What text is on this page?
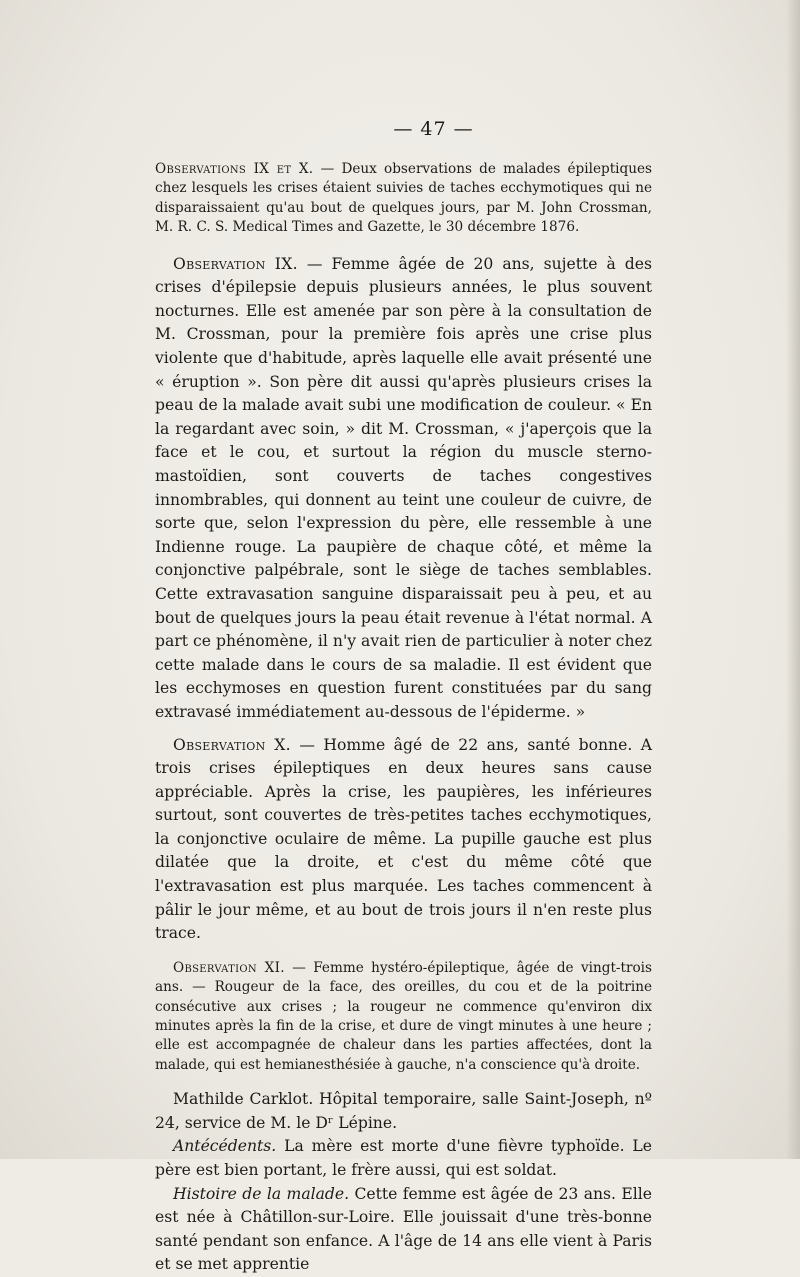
— 47 —

Observations IX et X. — Deux observations de malades épileptiques chez lesquels les crises étaient suivies de taches ecchymotiques qui ne disparaissaient qu'au bout de quelques jours, par M. John Crossman, M. R. C. S. Medical Times and Gazette, le 30 décembre 1876.

Observation IX. — Femme âgée de 20 ans, sujette à des crises d'épilepsie depuis plusieurs années, le plus souvent nocturnes. Elle est amenée par son père à la consultation de M. Crossman, pour la première fois après une crise plus violente que d'habitude, après laquelle elle avait présenté une « éruption ». Son père dit aussi qu'après plusieurs crises la peau de la malade avait subi une modification de couleur. « En la regardant avec soin, » dit M. Crossman, « j'aperçois que la face et le cou, et surtout la région du muscle sterno-mastoïdien, sont couverts de taches congestives innombrables, qui donnent au teint une couleur de cuivre, de sorte que, selon l'expression du père, elle ressemble à une Indienne rouge. La paupière de chaque côté, et même la conjonctive palpébrale, sont le siège de taches semblables. Cette extravasation sanguine disparaissait peu à peu, et au bout de quelques jours la peau était revenue à l'état normal. A part ce phénomène, il n'y avait rien de particulier à noter chez cette malade dans le cours de sa maladie. Il est évident que les ecchymoses en question furent constituées par du sang extravasé immédiatement au-dessous de l'épiderme. »

Observation X. — Homme âgé de 22 ans, santé bonne. A trois crises épileptiques en deux heures sans cause appréciable. Après la crise, les paupières, les inférieures surtout, sont couvertes de très-petites taches ecchymotiques, la conjonctive oculaire de même. La pupille gauche est plus dilatée que la droite, et c'est du même côté que l'extravasation est plus marquée. Les taches commencent à pâlir le jour même, et au bout de trois jours il n'en reste plus trace.

Observation XI. — Femme hystéro-épileptique, âgée de vingt-trois ans. — Rougeur de la face, des oreilles, du cou et de la poitrine consécutive aux crises ; la rougeur ne commence qu'environ dix minutes après la fin de la crise, et dure de vingt minutes à une heure ; elle est accompagnée de chaleur dans les parties affectées, dont la malade, qui est hemianesthésiée à gauche, n'a conscience qu'à droite.

Mathilde Carklot. Hôpital temporaire, salle Saint-Joseph, nº 24, service de M. le Dʳ Lépine.

Antécédents. La mère est morte d'une fièvre typhoïde. Le père est bien portant, le frère aussi, qui est soldat.

Histoire de la malade. Cette femme est âgée de 23 ans. Elle est née à Châtillon-sur-Loire. Elle jouissait d'une très-bonne santé pendant son enfance. A l'âge de 14 ans elle vient à Paris et se met apprentie
